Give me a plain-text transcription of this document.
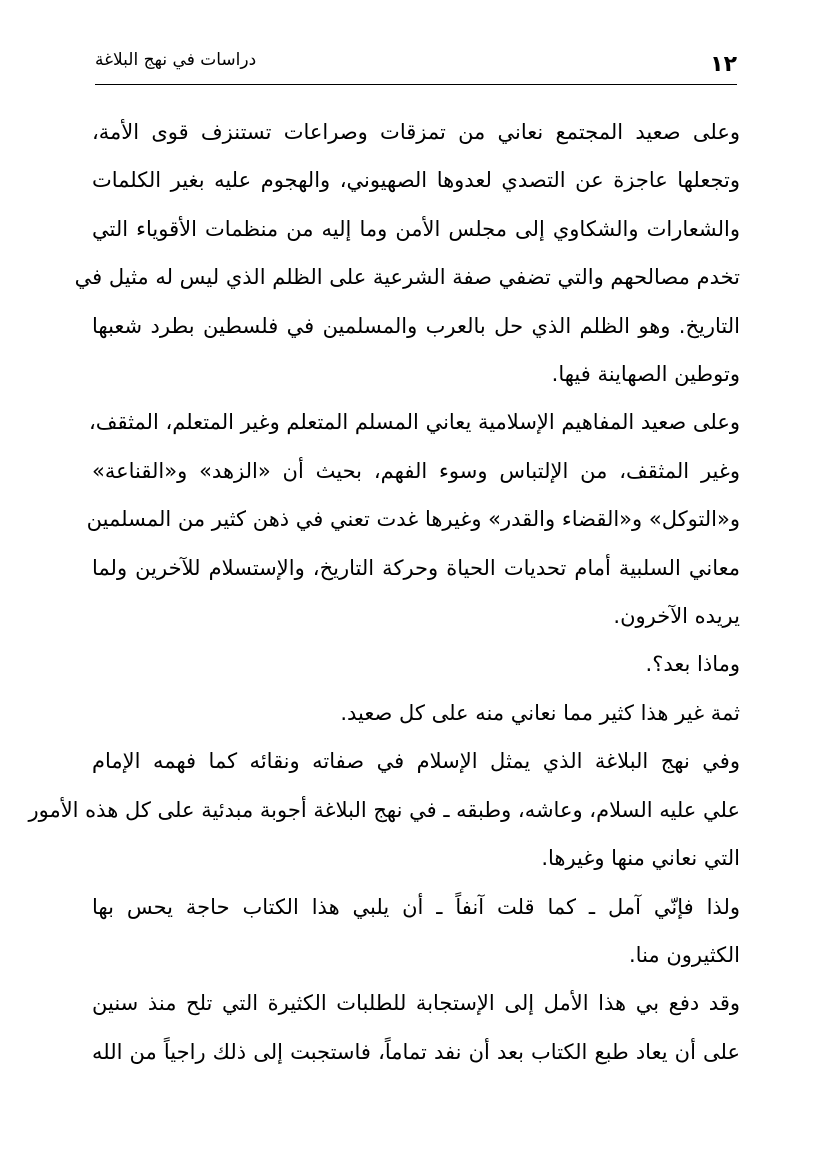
دراسات في نهج البلاغة	١٢
وعلى صعيد المجتمع نعاني من تمزقات وصراعات تستنزف قوى الأمة،
وتجعلها عاجزة عن التصدي لعدوها الصهيوني، والهجوم عليه بغير الكلمات
والشعارات والشكاوي إلى مجلس الأمن وما إليه من منظمات الأقوياء التي
تخدم مصالحهم والتي تضفي صفة الشرعية على الظلم الذي ليس له مثيل في
التاريخ. وهو الظلم الذي حل بالعرب والمسلمين في فلسطين بطرد شعبها
وتوطين الصهاينة فيها.
وعلى صعيد المفاهيم الإسلامية يعاني المسلم المتعلم وغير المتعلم، المثقف،
وغير المثقف، من الإلتباس وسوء الفهم، بحيث أن «الزهد» و«القناعة»
و«التوكل» و«القضاء والقدر» وغيرها غدت تعني في ذهن كثير من المسلمين
معاني السلبية أمام تحديات الحياة وحركة التاريخ، والإستسلام للآخرين ولما
يريده الآخرون.
وماذا بعد؟.
ثمة غير هذا كثير مما نعاني منه على كل صعيد.
وفي نهج البلاغة الذي يمثل الإسلام في صفاته ونقائه كما فهمه الإمام
علي عليه السلام، وعاشه، وطبقه ـ في نهج البلاغة أجوبة مبدئية على كل هذه الأمور
التي نعاني منها وغيرها.
ولذا فإنّي آمل ـ كما قلت آنفاً ـ أن يلبي هذا الكتاب حاجة يحس بها
الكثيرون منا.
وقد دفع بي هذا الأمل إلى الإستجابة للطلبات الكثيرة التي تلح منذ سنين
على أن يعاد طبع الكتاب بعد أن نفد تماماً، فاستجبت إلى ذلك راجياً من الله
